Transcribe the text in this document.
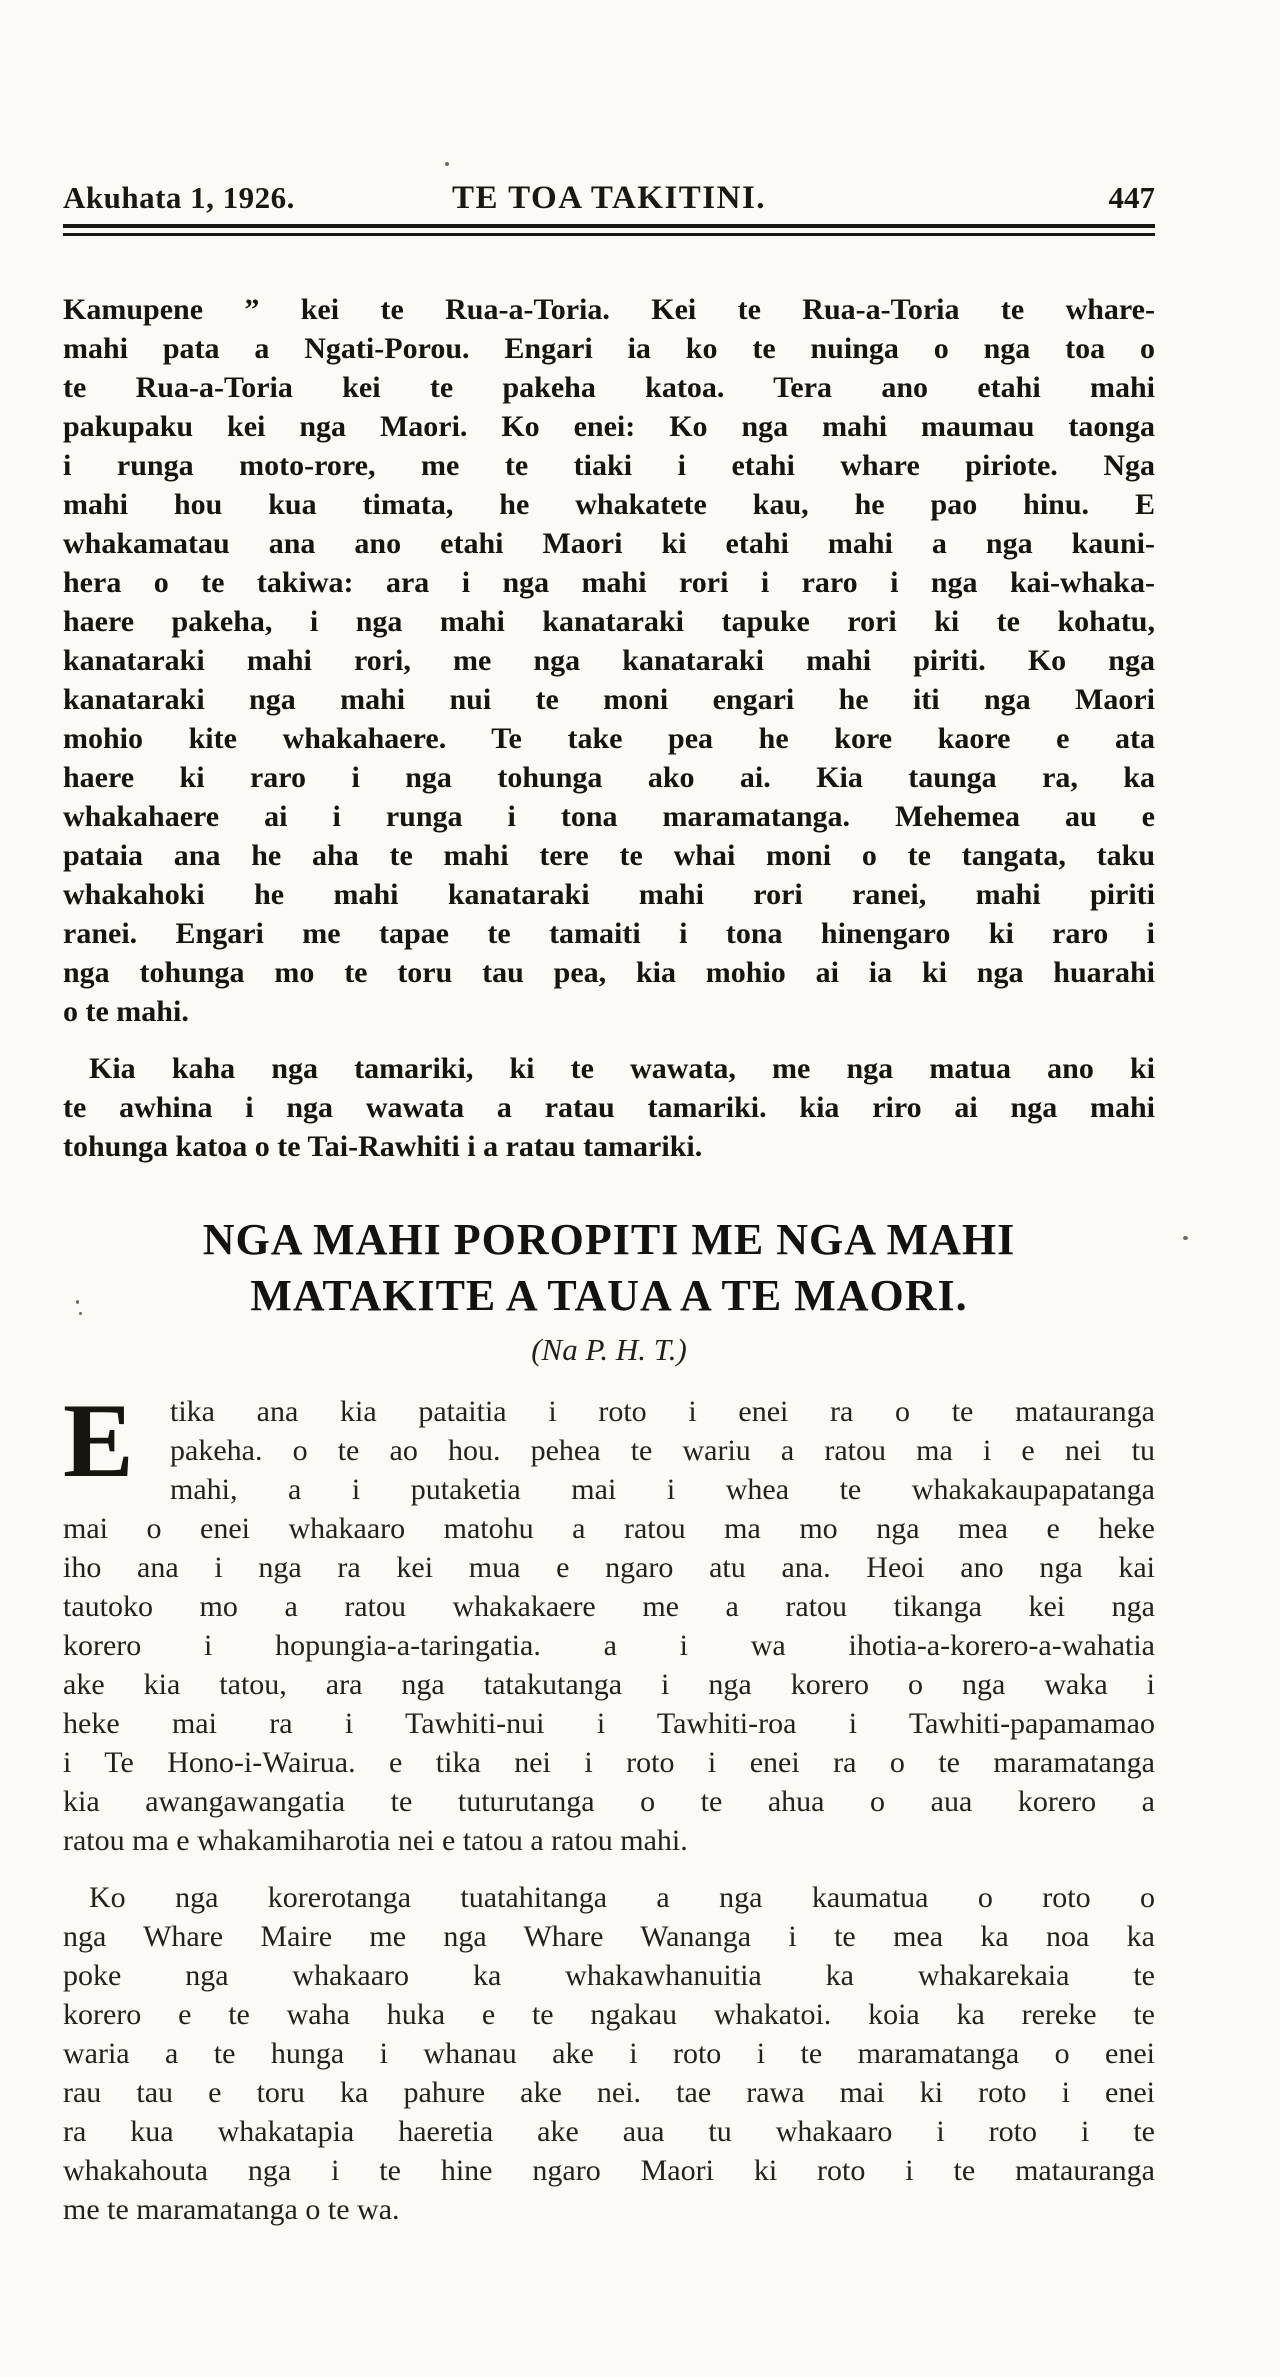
Akuhata 1, 1926.	TE TOA TAKITINI.	447
Kamupene ” kei te Rua-a-Toria. Kei te Rua-a-Toria te whare-
mahi pata a Ngati-Porou. Engari ia ko te nuinga o nga toa o
te Rua-a-Toria kei te pakeha katoa. Tera ano etahi mahi
pakupaku kei nga Maori. Ko enei: Ko nga mahi maumau taonga
i runga moto-rore, me te tiaki i etahi whare piriote. Nga
mahi hou kua timata, he whakatete kau, he pao hinu. E
whakamatau ana ano etahi Maori ki etahi mahi a nga kauni-
hera o te takiwa: ara i nga mahi rori i raro i nga kai-whaka-
haere pakeha, i nga mahi kanataraki tapuke rori ki te kohatu,
kanataraki mahi rori, me nga kanataraki mahi piriti. Ko nga
kanataraki nga mahi nui te moni engari he iti nga Maori
mohio kite whakahaere. Te take pea he kore kaore e ata
haere ki raro i nga tohunga ako ai. Kia taunga ra, ka
whakahaere ai i runga i tona maramatanga. Mehemea au e
pataia ana he aha te mahi tere te whai moni o te tangata, taku
whakahoki he mahi kanataraki mahi rori ranei, mahi piriti
ranei. Engari me tapae te tamaiti i tona hinengaro ki raro i
nga tohunga mo te toru tau pea, kia mohio ai ia ki nga huarahi
o te mahi.
Kia kaha nga tamariki, ki te wawata, me nga matua ano ki
te awhina i nga wawata a ratau tamariki. kia riro ai nga mahi
tohunga katoa o te Tai-Rawhiti i a ratau tamariki.
NGA MAHI POROPITI ME NGA MAHI
MATAKITE A TAUA A TE MAORI.
(Na P. H. T.)
E	tika ana kia pataitia i roto i enei ra o te matauranga
pakeha. o te ao hou. pehea te wariu a ratou ma i e nei tu
mahi, a i putaketia mai i whea te whakakaupapatanga
mai o enei whakaaro matohu a ratou ma mo nga mea e heke
iho ana i nga ra kei mua e ngaro atu ana. Heoi ano nga kai
tautoko mo a ratou whakakaere me a ratou tikanga kei nga
korero i hopungia-a-taringatia. a i wa ihotia-a-korero-a-wahatia
ake kia tatou, ara nga tatakutanga i nga korero o nga waka i
heke mai ra i Tawhiti-nui i Tawhiti-roa i Tawhiti-papamamao
i Te Hono-i-Wairua. e tika nei i roto i enei ra o te maramatanga
kia awangawangatia te tuturutanga o te ahua o aua korero a
ratou ma e whakamiharotia nei e tatou a ratou mahi.
Ko nga korerotanga tuatahitanga a nga kaumatua o roto o
nga Whare Maire me nga Whare Wananga i te mea ka noa ka
poke nga whakaaro ka whakawhanuitia ka whakarekaia te
korero e te waha huka e te ngakau whakatoi. koia ka rereke te
waria a te hunga i whanau ake i roto i te maramatanga o enei
rau tau e toru ka pahure ake nei. tae rawa mai ki roto i enei
ra kua whakatapia haeretia ake aua tu whakaaro i roto i te
whakahouta nga i te hine ngaro Maori ki roto i te matauranga
me te maramatanga o te wa.
